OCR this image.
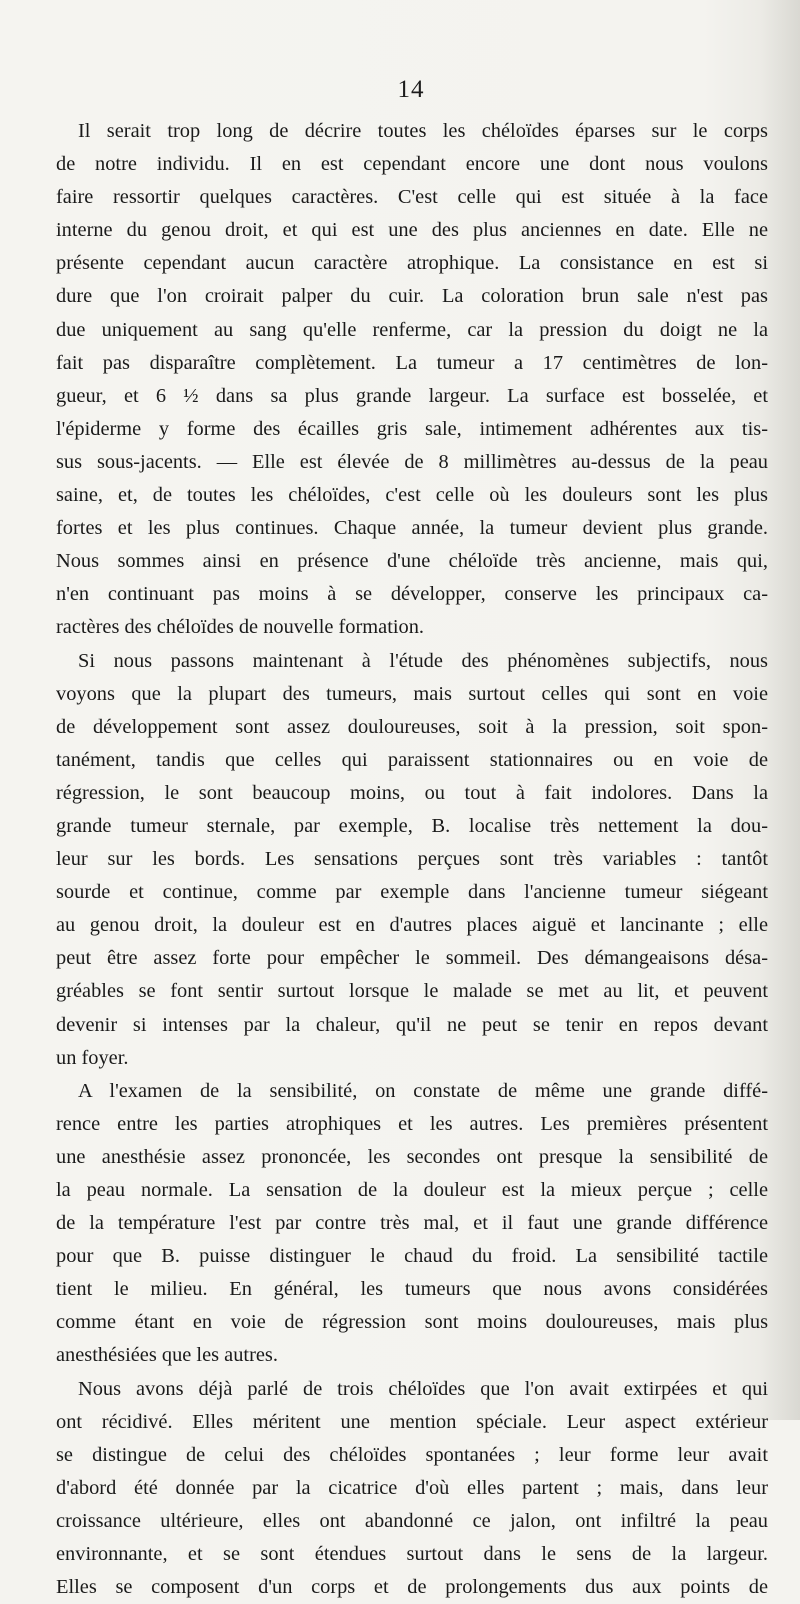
14
Il serait trop long de décrire toutes les chéloïdes éparses sur le corps
de notre individu. Il en est cependant encore une dont nous voulons
faire ressortir quelques caractères. C'est celle qui est située à la face
interne du genou droit, et qui est une des plus anciennes en date. Elle ne
présente cependant aucun caractère atrophique. La consistance en est si
dure que l'on croirait palper du cuir. La coloration brun sale n'est pas
due uniquement au sang qu'elle renferme, car la pression du doigt ne la
fait pas disparaître complètement. La tumeur a 17 centimètres de lon-
gueur, et 6 ½ dans sa plus grande largeur. La surface est bosselée, et
l'épiderme y forme des écailles gris sale, intimement adhérentes aux tis-
sus sous-jacents. — Elle est élevée de 8 millimètres au-dessus de la peau
saine, et, de toutes les chéloïdes, c'est celle où les douleurs sont les plus
fortes et les plus continues. Chaque année, la tumeur devient plus grande.
Nous sommes ainsi en présence d'une chéloïde très ancienne, mais qui,
n'en continuant pas moins à se développer, conserve les principaux ca-
ractères des chéloïdes de nouvelle formation.
Si nous passons maintenant à l'étude des phénomènes subjectifs, nous
voyons que la plupart des tumeurs, mais surtout celles qui sont en voie
de développement sont assez douloureuses, soit à la pression, soit spon-
tanément, tandis que celles qui paraissent stationnaires ou en voie de
régression, le sont beaucoup moins, ou tout à fait indolores. Dans la
grande tumeur sternale, par exemple, B. localise très nettement la dou-
leur sur les bords. Les sensations perçues sont très variables : tantôt
sourde et continue, comme par exemple dans l'ancienne tumeur siégeant
au genou droit, la douleur est en d'autres places aiguë et lancinante ; elle
peut être assez forte pour empêcher le sommeil. Des démangeaisons désa-
gréables se font sentir surtout lorsque le malade se met au lit, et peuvent
devenir si intenses par la chaleur, qu'il ne peut se tenir en repos devant
un foyer.
A l'examen de la sensibilité, on constate de même une grande diffé-
rence entre les parties atrophiques et les autres. Les premières présentent
une anesthésie assez prononcée, les secondes ont presque la sensibilité de
la peau normale. La sensation de la douleur est la mieux perçue ; celle
de la température l'est par contre très mal, et il faut une grande différence
pour que B. puisse distinguer le chaud du froid. La sensibilité tactile
tient le milieu. En général, les tumeurs que nous avons considérées
comme étant en voie de régression sont moins douloureuses, mais plus
anesthésiées que les autres.
Nous avons déjà parlé de trois chéloïdes que l'on avait extirpées et qui
ont récidivé. Elles méritent une mention spéciale. Leur aspect extérieur
se distingue de celui des chéloïdes spontanées ; leur forme leur avait
d'abord été donnée par la cicatrice d'où elles partent ; mais, dans leur
croissance ultérieure, elles ont abandonné ce jalon, ont infiltré la peau
environnante, et se sont étendues surtout dans le sens de la largeur.
Elles se composent d'un corps et de prolongements dus aux points de
